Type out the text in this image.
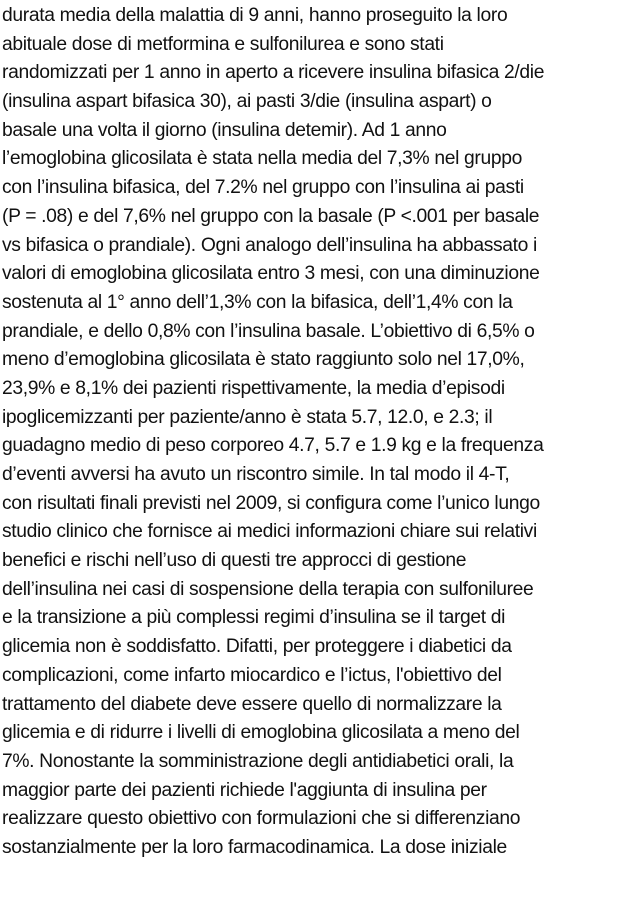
durata media della malattia di 9 anni, hanno proseguito la loro
abituale dose di metformina e sulfonilurea e sono stati
randomizzati per 1 anno in aperto a ricevere insulina bifasica 2/die
(insulina aspart bifasica 30), ai pasti 3/die (insulina aspart) o
basale una volta il giorno (insulina detemir). Ad 1 anno
l’emoglobina glicosilata è stata nella media del 7,3% nel gruppo
con l’insulina bifasica, del 7.2% nel gruppo con l’insulina ai pasti
(P = .08) e del 7,6% nel gruppo con la basale (P <.001 per basale
vs bifasica o prandiale). Ogni analogo dell’insulina ha abbassato i
valori di emoglobina glicosilata entro 3 mesi, con una diminuzione
sostenuta al 1° anno dell’1,3% con la bifasica, dell’1,4% con la
prandiale, e dello 0,8% con l’insulina basale. L’obiettivo di 6,5% o
meno d’emoglobina glicosilata è stato raggiunto solo nel 17,0%,
23,9% e 8,1% dei pazienti rispettivamente, la media d’episodi
ipoglicemizzanti per paziente/anno è stata 5.7, 12.0, e 2.3; il
guadagno medio di peso corporeo 4.7, 5.7 e 1.9 kg e la frequenza
d’eventi avversi ha avuto un riscontro simile. In tal modo il 4-T,
con risultati finali previsti nel 2009, si configura come l’unico lungo
studio clinico che fornisce ai medici informazioni chiare sui relativi
benefici e rischi nell’uso di questi tre approcci di gestione
dell’insulina nei casi di sospensione della terapia con sulfoniluree
e la transizione a più complessi regimi d’insulina se il target di
glicemia non è soddisfatto. Difatti, per proteggere i diabetici da
complicazioni, come infarto miocardico e l’ictus, l'obiettivo del
trattamento del diabete deve essere quello di normalizzare la
glicemia e di ridurre i livelli di emoglobina glicosilata a meno del
7%. Nonostante la somministrazione degli antidiabetici orali, la
maggior parte dei pazienti richiede l'aggiunta di insulina per
realizzare questo obiettivo con formulazioni che si differenziano
sostanzialmente per la loro farmacodinamica. La dose iniziale
